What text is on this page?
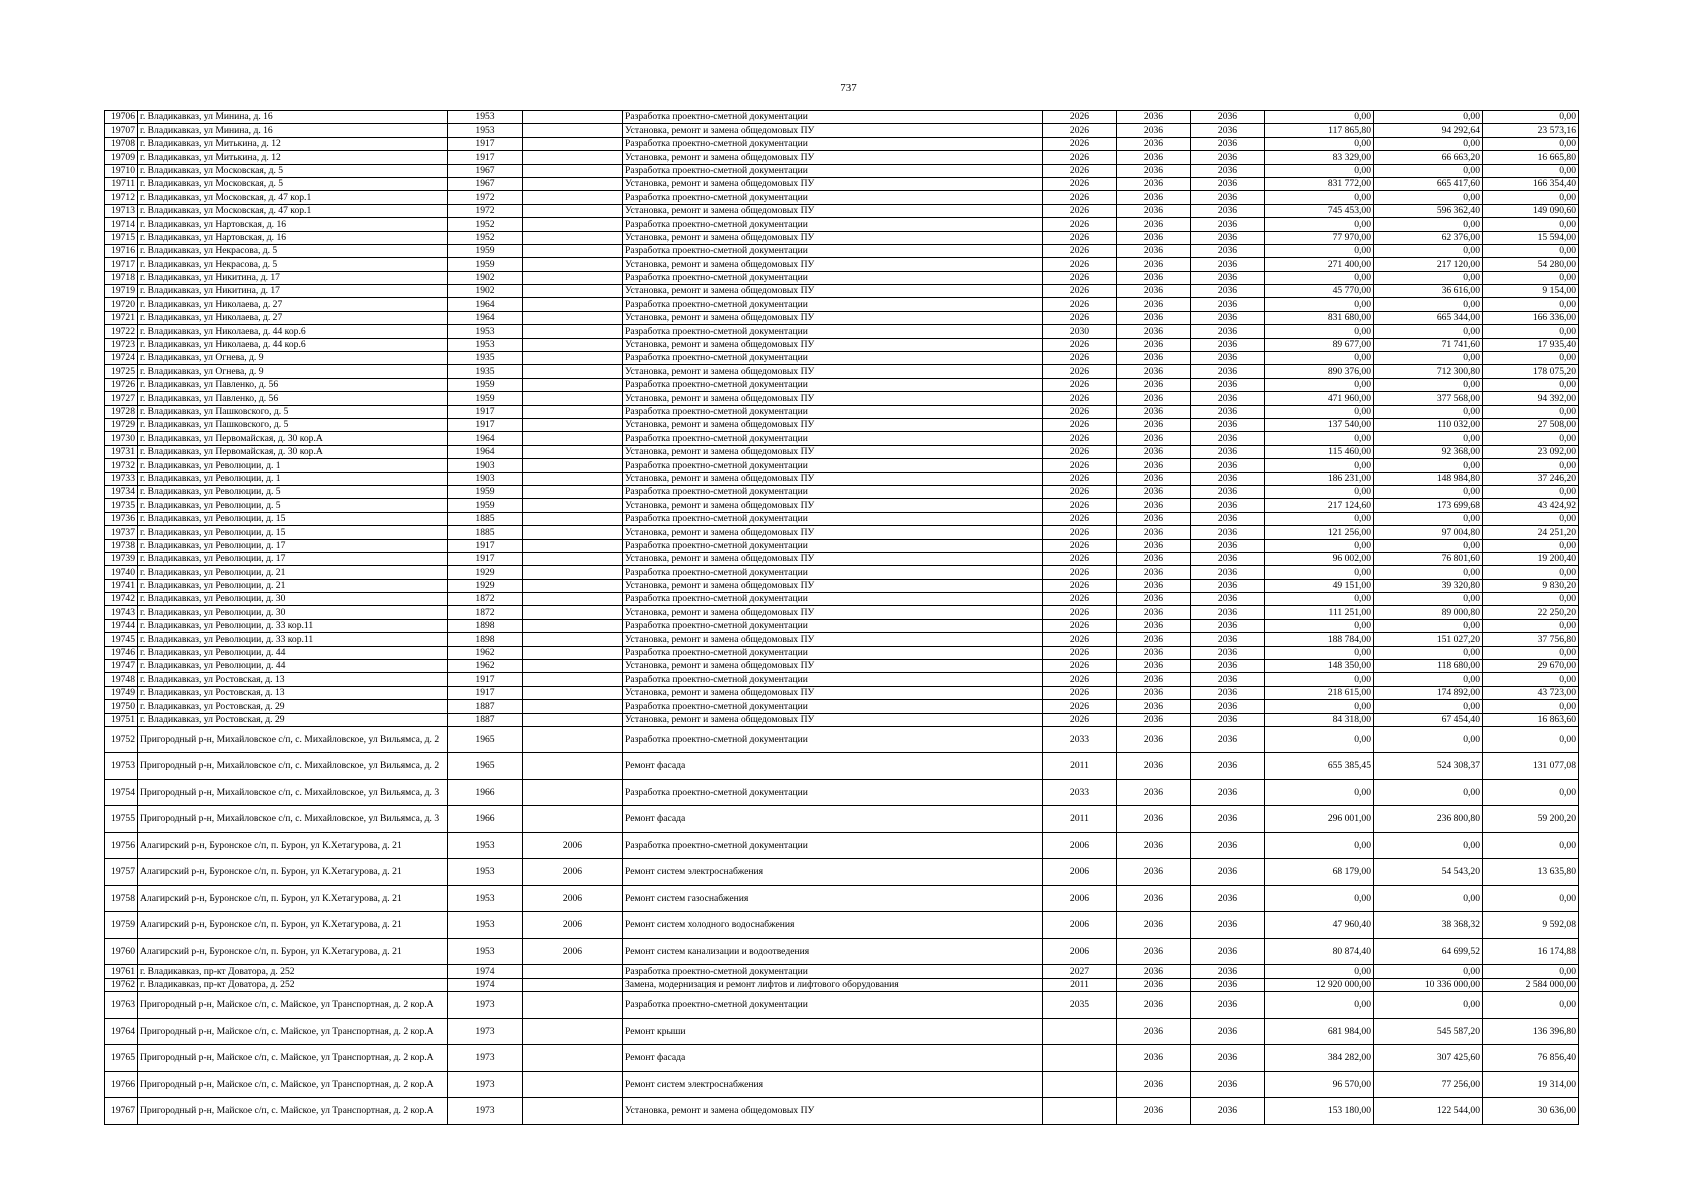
737
19706	г. Владикавказ, ул Минина, д. 16	1953		Разработка проектно-сметной документации	2026	2036	2036	0,00	0,00	0,00
19707	г. Владикавказ, ул Минина, д. 16	1953		Установка, ремонт и замена общедомовых ПУ	2026	2036	2036	117 865,80	94 292,64	23 573,16
19708	г. Владикавказ, ул Митькина, д. 12	1917		Разработка проектно-сметной документации	2026	2036	2036	0,00	0,00	0,00
19709	г. Владикавказ, ул Митькина, д. 12	1917		Установка, ремонт и замена общедомовых ПУ	2026	2036	2036	83 329,00	66 663,20	16 665,80
19710	г. Владикавказ, ул Московская, д. 5	1967		Разработка проектно-сметной документации	2026	2036	2036	0,00	0,00	0,00
19711	г. Владикавказ, ул Московская, д. 5	1967		Установка, ремонт и замена общедомовых ПУ	2026	2036	2036	831 772,00	665 417,60	166 354,40
19712	г. Владикавказ, ул Московская, д. 47 кор.1	1972		Разработка проектно-сметной документации	2026	2036	2036	0,00	0,00	0,00
19713	г. Владикавказ, ул Московская, д. 47 кор.1	1972		Установка, ремонт и замена общедомовых ПУ	2026	2036	2036	745 453,00	596 362,40	149 090,60
19714	г. Владикавказ, ул Нартовская, д. 16	1952		Разработка проектно-сметной документации	2026	2036	2036	0,00	0,00	0,00
19715	г. Владикавказ, ул Нартовская, д. 16	1952		Установка, ремонт и замена общедомовых ПУ	2026	2036	2036	77 970,00	62 376,00	15 594,00
19716	г. Владикавказ, ул Некрасова, д. 5	1959		Разработка проектно-сметной документации	2026	2036	2036	0,00	0,00	0,00
19717	г. Владикавказ, ул Некрасова, д. 5	1959		Установка, ремонт и замена общедомовых ПУ	2026	2036	2036	271 400,00	217 120,00	54 280,00
19718	г. Владикавказ, ул Никитина, д. 17	1902		Разработка проектно-сметной документации	2026	2036	2036	0,00	0,00	0,00
19719	г. Владикавказ, ул Никитина, д. 17	1902		Установка, ремонт и замена общедомовых ПУ	2026	2036	2036	45 770,00	36 616,00	9 154,00
19720	г. Владикавказ, ул Николаева, д. 27	1964		Разработка проектно-сметной документации	2026	2036	2036	0,00	0,00	0,00
19721	г. Владикавказ, ул Николаева, д. 27	1964		Установка, ремонт и замена общедомовых ПУ	2026	2036	2036	831 680,00	665 344,00	166 336,00
19722	г. Владикавказ, ул Николаева, д. 44 кор.6	1953		Разработка проектно-сметной документации	2030	2036	2036	0,00	0,00	0,00
19723	г. Владикавказ, ул Николаева, д. 44 кор.6	1953		Установка, ремонт и замена общедомовых ПУ	2026	2036	2036	89 677,00	71 741,60	17 935,40
19724	г. Владикавказ, ул Огнева, д. 9	1935		Разработка проектно-сметной документации	2026	2036	2036	0,00	0,00	0,00
19725	г. Владикавказ, ул Огнева, д. 9	1935		Установка, ремонт и замена общедомовых ПУ	2026	2036	2036	890 376,00	712 300,80	178 075,20
19726	г. Владикавказ, ул Павленко, д. 56	1959		Разработка проектно-сметной документации	2026	2036	2036	0,00	0,00	0,00
19727	г. Владикавказ, ул Павленко, д. 56	1959		Установка, ремонт и замена общедомовых ПУ	2026	2036	2036	471 960,00	377 568,00	94 392,00
19728	г. Владикавказ, ул Пашковского, д. 5	1917		Разработка проектно-сметной документации	2026	2036	2036	0,00	0,00	0,00
19729	г. Владикавказ, ул Пашковского, д. 5	1917		Установка, ремонт и замена общедомовых ПУ	2026	2036	2036	137 540,00	110 032,00	27 508,00
19730	г. Владикавказ, ул Первомайская, д. 30 кор.А	1964		Разработка проектно-сметной документации	2026	2036	2036	0,00	0,00	0,00
19731	г. Владикавказ, ул Первомайская, д. 30 кор.А	1964		Установка, ремонт и замена общедомовых ПУ	2026	2036	2036	115 460,00	92 368,00	23 092,00
19732	г. Владикавказ, ул Революции, д. 1	1903		Разработка проектно-сметной документации	2026	2036	2036	0,00	0,00	0,00
19733	г. Владикавказ, ул Революции, д. 1	1903		Установка, ремонт и замена общедомовых ПУ	2026	2036	2036	186 231,00	148 984,80	37 246,20
19734	г. Владикавказ, ул Революции, д. 5	1959		Разработка проектно-сметной документации	2026	2036	2036	0,00	0,00	0,00
19735	г. Владикавказ, ул Революции, д. 5	1959		Установка, ремонт и замена общедомовых ПУ	2026	2036	2036	217 124,60	173 699,68	43 424,92
19736	г. Владикавказ, ул Революции, д. 15	1885		Разработка проектно-сметной документации	2026	2036	2036	0,00	0,00	0,00
19737	г. Владикавказ, ул Революции, д. 15	1885		Установка, ремонт и замена общедомовых ПУ	2026	2036	2036	121 256,00	97 004,80	24 251,20
19738	г. Владикавказ, ул Революции, д. 17	1917		Разработка проектно-сметной документации	2026	2036	2036	0,00	0,00	0,00
19739	г. Владикавказ, ул Революции, д. 17	1917		Установка, ремонт и замена общедомовых ПУ	2026	2036	2036	96 002,00	76 801,60	19 200,40
19740	г. Владикавказ, ул Революции, д. 21	1929		Разработка проектно-сметной документации	2026	2036	2036	0,00	0,00	0,00
19741	г. Владикавказ, ул Революции, д. 21	1929		Установка, ремонт и замена общедомовых ПУ	2026	2036	2036	49 151,00	39 320,80	9 830,20
19742	г. Владикавказ, ул Революции, д. 30	1872		Разработка проектно-сметной документации	2026	2036	2036	0,00	0,00	0,00
19743	г. Владикавказ, ул Революции, д. 30	1872		Установка, ремонт и замена общедомовых ПУ	2026	2036	2036	111 251,00	89 000,80	22 250,20
19744	г. Владикавказ, ул Революции, д. 33 кор.11	1898		Разработка проектно-сметной документации	2026	2036	2036	0,00	0,00	0,00
19745	г. Владикавказ, ул Революции, д. 33 кор.11	1898		Установка, ремонт и замена общедомовых ПУ	2026	2036	2036	188 784,00	151 027,20	37 756,80
19746	г. Владикавказ, ул Революции, д. 44	1962		Разработка проектно-сметной документации	2026	2036	2036	0,00	0,00	0,00
19747	г. Владикавказ, ул Революции, д. 44	1962		Установка, ремонт и замена общедомовых ПУ	2026	2036	2036	148 350,00	118 680,00	29 670,00
19748	г. Владикавказ, ул Ростовская, д. 13	1917		Разработка проектно-сметной документации	2026	2036	2036	0,00	0,00	0,00
19749	г. Владикавказ, ул Ростовская, д. 13	1917		Установка, ремонт и замена общедомовых ПУ	2026	2036	2036	218 615,00	174 892,00	43 723,00
19750	г. Владикавказ, ул Ростовская, д. 29	1887		Разработка проектно-сметной документации	2026	2036	2036	0,00	0,00	0,00
19751	г. Владикавказ, ул Ростовская, д. 29	1887		Установка, ремонт и замена общедомовых ПУ	2026	2036	2036	84 318,00	67 454,40	16 863,60
19752	Пригородный р-н, Михайловское с/п, с. Михайловское, ул Вильямса, д. 2	1965		Разработка проектно-сметной документации	2033	2036	2036	0,00	0,00	0,00
19753	Пригородный р-н, Михайловское с/п, с. Михайловское, ул Вильямса, д. 2	1965		Ремонт фасада	2011	2036	2036	655 385,45	524 308,37	131 077,08
19754	Пригородный р-н, Михайловское с/п, с. Михайловское, ул Вильямса, д. 3	1966		Разработка проектно-сметной документации	2033	2036	2036	0,00	0,00	0,00
19755	Пригородный р-н, Михайловское с/п, с. Михайловское, ул Вильямса, д. 3	1966		Ремонт фасада	2011	2036	2036	296 001,00	236 800,80	59 200,20
19756	Алагирский р-н, Буронское с/п, п. Бурон, ул К.Хетагурова, д. 21	1953	2006	Разработка проектно-сметной документации	2006	2036	2036	0,00	0,00	0,00
19757	Алагирский р-н, Буронское с/п, п. Бурон, ул К.Хетагурова, д. 21	1953	2006	Ремонт систем электроснабжения	2006	2036	2036	68 179,00	54 543,20	13 635,80
19758	Алагирский р-н, Буронское с/п, п. Бурон, ул К.Хетагурова, д. 21	1953	2006	Ремонт систем газоснабжения	2006	2036	2036	0,00	0,00	0,00
19759	Алагирский р-н, Буронское с/п, п. Бурон, ул К.Хетагурова, д. 21	1953	2006	Ремонт систем холодного водоснабжения	2006	2036	2036	47 960,40	38 368,32	9 592,08
19760	Алагирский р-н, Буронское с/п, п. Бурон, ул К.Хетагурова, д. 21	1953	2006	Ремонт систем канализации и водоотведения	2006	2036	2036	80 874,40	64 699,52	16 174,88
19761	г. Владикавказ, пр-кт Доватора, д. 252	1974		Разработка проектно-сметной документации	2027	2036	2036	0,00	0,00	0,00
19762	г. Владикавказ, пр-кт Доватора, д. 252	1974		Замена, модернизация и ремонт лифтов и лифтового оборудования	2011	2036	2036	12 920 000,00	10 336 000,00	2 584 000,00
19763	Пригородный р-н, Майское с/п, с. Майское, ул Транспортная, д. 2 кор.А	1973		Разработка проектно-сметной документации	2035	2036	2036	0,00	0,00	0,00
19764	Пригородный р-н, Майское с/п, с. Майское, ул Транспортная, д. 2 кор.А	1973		Ремонт крыши		2036	2036	681 984,00	545 587,20	136 396,80
19765	Пригородный р-н, Майское с/п, с. Майское, ул Транспортная, д. 2 кор.А	1973		Ремонт фасада		2036	2036	384 282,00	307 425,60	76 856,40
19766	Пригородный р-н, Майское с/п, с. Майское, ул Транспортная, д. 2 кор.А	1973		Ремонт систем электроснабжения		2036	2036	96 570,00	77 256,00	19 314,00
19767	Пригородный р-н, Майское с/п, с. Майское, ул Транспортная, д. 2 кор.А	1973		Установка, ремонт и замена общедомовых ПУ		2036	2036	153 180,00	122 544,00	30 636,00
